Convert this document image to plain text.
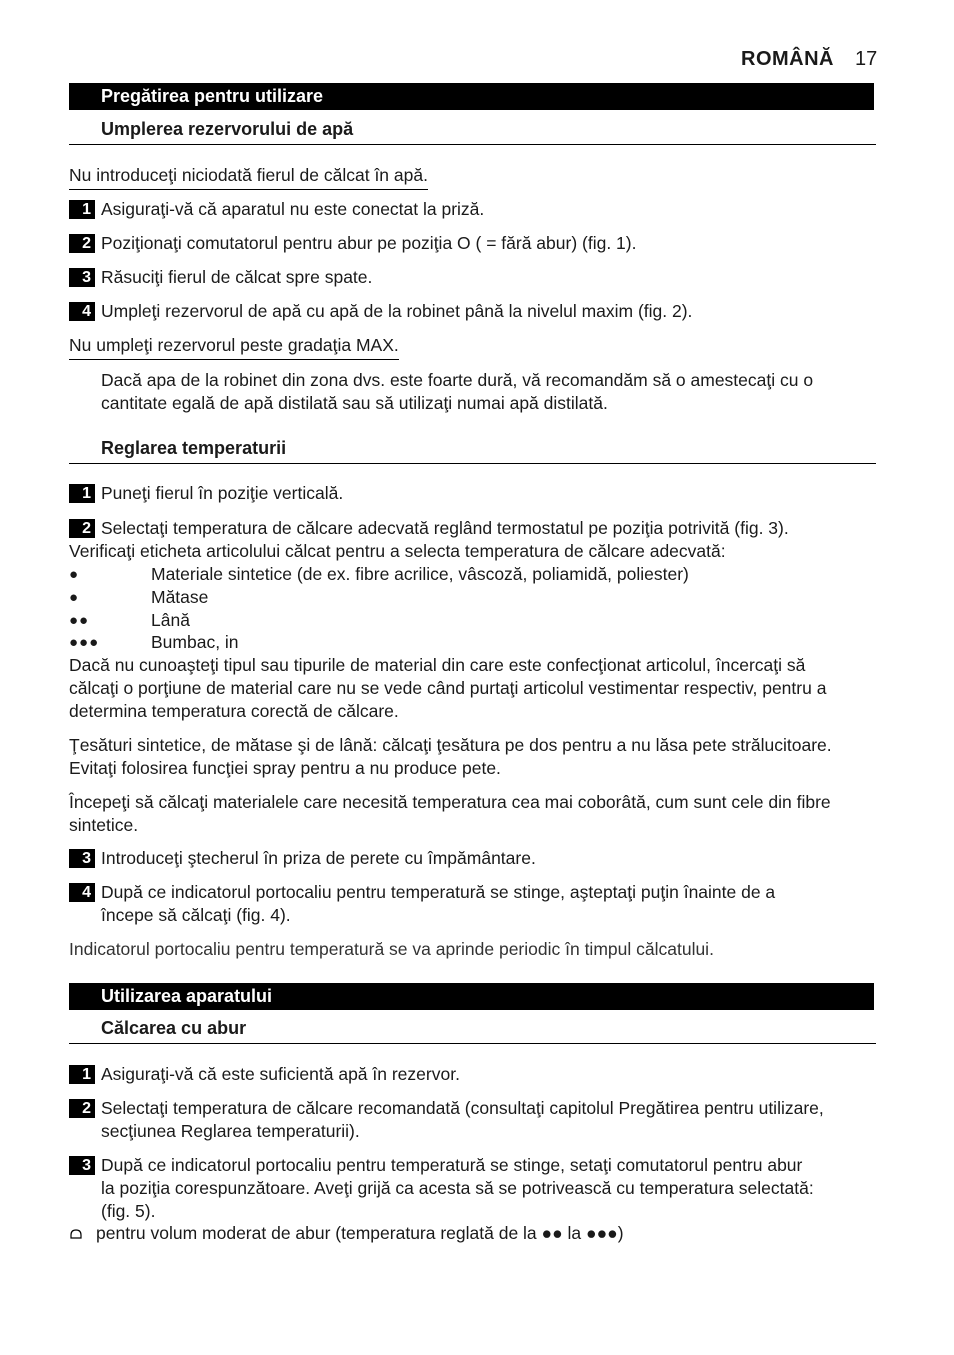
ROMÂNĂ 17
Pregătirea pentru utilizare
Umplerea rezervorului de apă
Nu introduceţi niciodată fierul de călcat în apă.
1 Asiguraţi-vă că aparatul nu este conectat la priză.
2 Poziţionaţi comutatorul pentru abur pe poziţia O ( = fără abur) (fig. 1).
3 Răsuciţi fierul de călcat spre spate.
4 Umpleţi rezervorul de apă cu apă de la robinet până la nivelul maxim (fig. 2).
Nu umpleţi rezervorul peste gradaţia MAX.
Dacă apa de la robinet din zona dvs. este foarte dură, vă recomandăm să o amestecaţi cu o
cantitate egală de apă distilată sau să utilizaţi numai apă distilată.
Reglarea temperaturii
1 Puneţi fierul în poziţie verticală.
2 Selectaţi temperatura de călcare adecvată reglând termostatul pe poziţia potrivită (fig. 3).
Verificaţi eticheta articolului călcat pentru a selecta temperatura de călcare adecvată:
●	Materiale sintetice (de ex. fibre acrilice, vâscoză, poliamidă, poliester)
●	Mătase
●●	Lână
●●●	Bumbac, in
Dacă nu cunoaşteţi tipul sau tipurile de material din care este confecţionat articolul, încercaţi să
călcaţi o porţiune de material care nu se vede când purtaţi articolul vestimentar respectiv, pentru a
determina temperatura corectă de călcare.
Ţesături sintetice, de mătase şi de lână: călcaţi ţesătura pe dos pentru a nu lăsa pete strălucitoare.
Evitaţi folosirea funcţiei spray pentru a nu produce pete.
Începeţi să călcaţi materialele care necesită temperatura cea mai coborâtă, cum sunt cele din fibre
sintetice.
3 Introduceţi ştecherul în priza de perete cu împământare.
4 După ce indicatorul portocaliu pentru temperatură se stinge, aşteptaţi puţin înainte de a
începe să călcaţi (fig. 4).
Indicatorul portocaliu pentru temperatură se va aprinde periodic în timpul călcatului.
Utilizarea aparatului
Călcarea cu abur
1 Asiguraţi-vă că este suficientă apă în rezervor.
2 Selectaţi temperatura de călcare recomandată (consultaţi capitolul Pregătirea pentru utilizare,
secţiunea Reglarea temperaturii).
3 După ce indicatorul portocaliu pentru temperatură se stinge, setaţi comutatorul pentru abur
la poziţia corespunzătoare. Aveţi grijă ca acesta să se potrivească cu temperatura selectată:
(fig. 5).
pentru volum moderat de abur (temperatura reglată de la ●● la ●●●)
